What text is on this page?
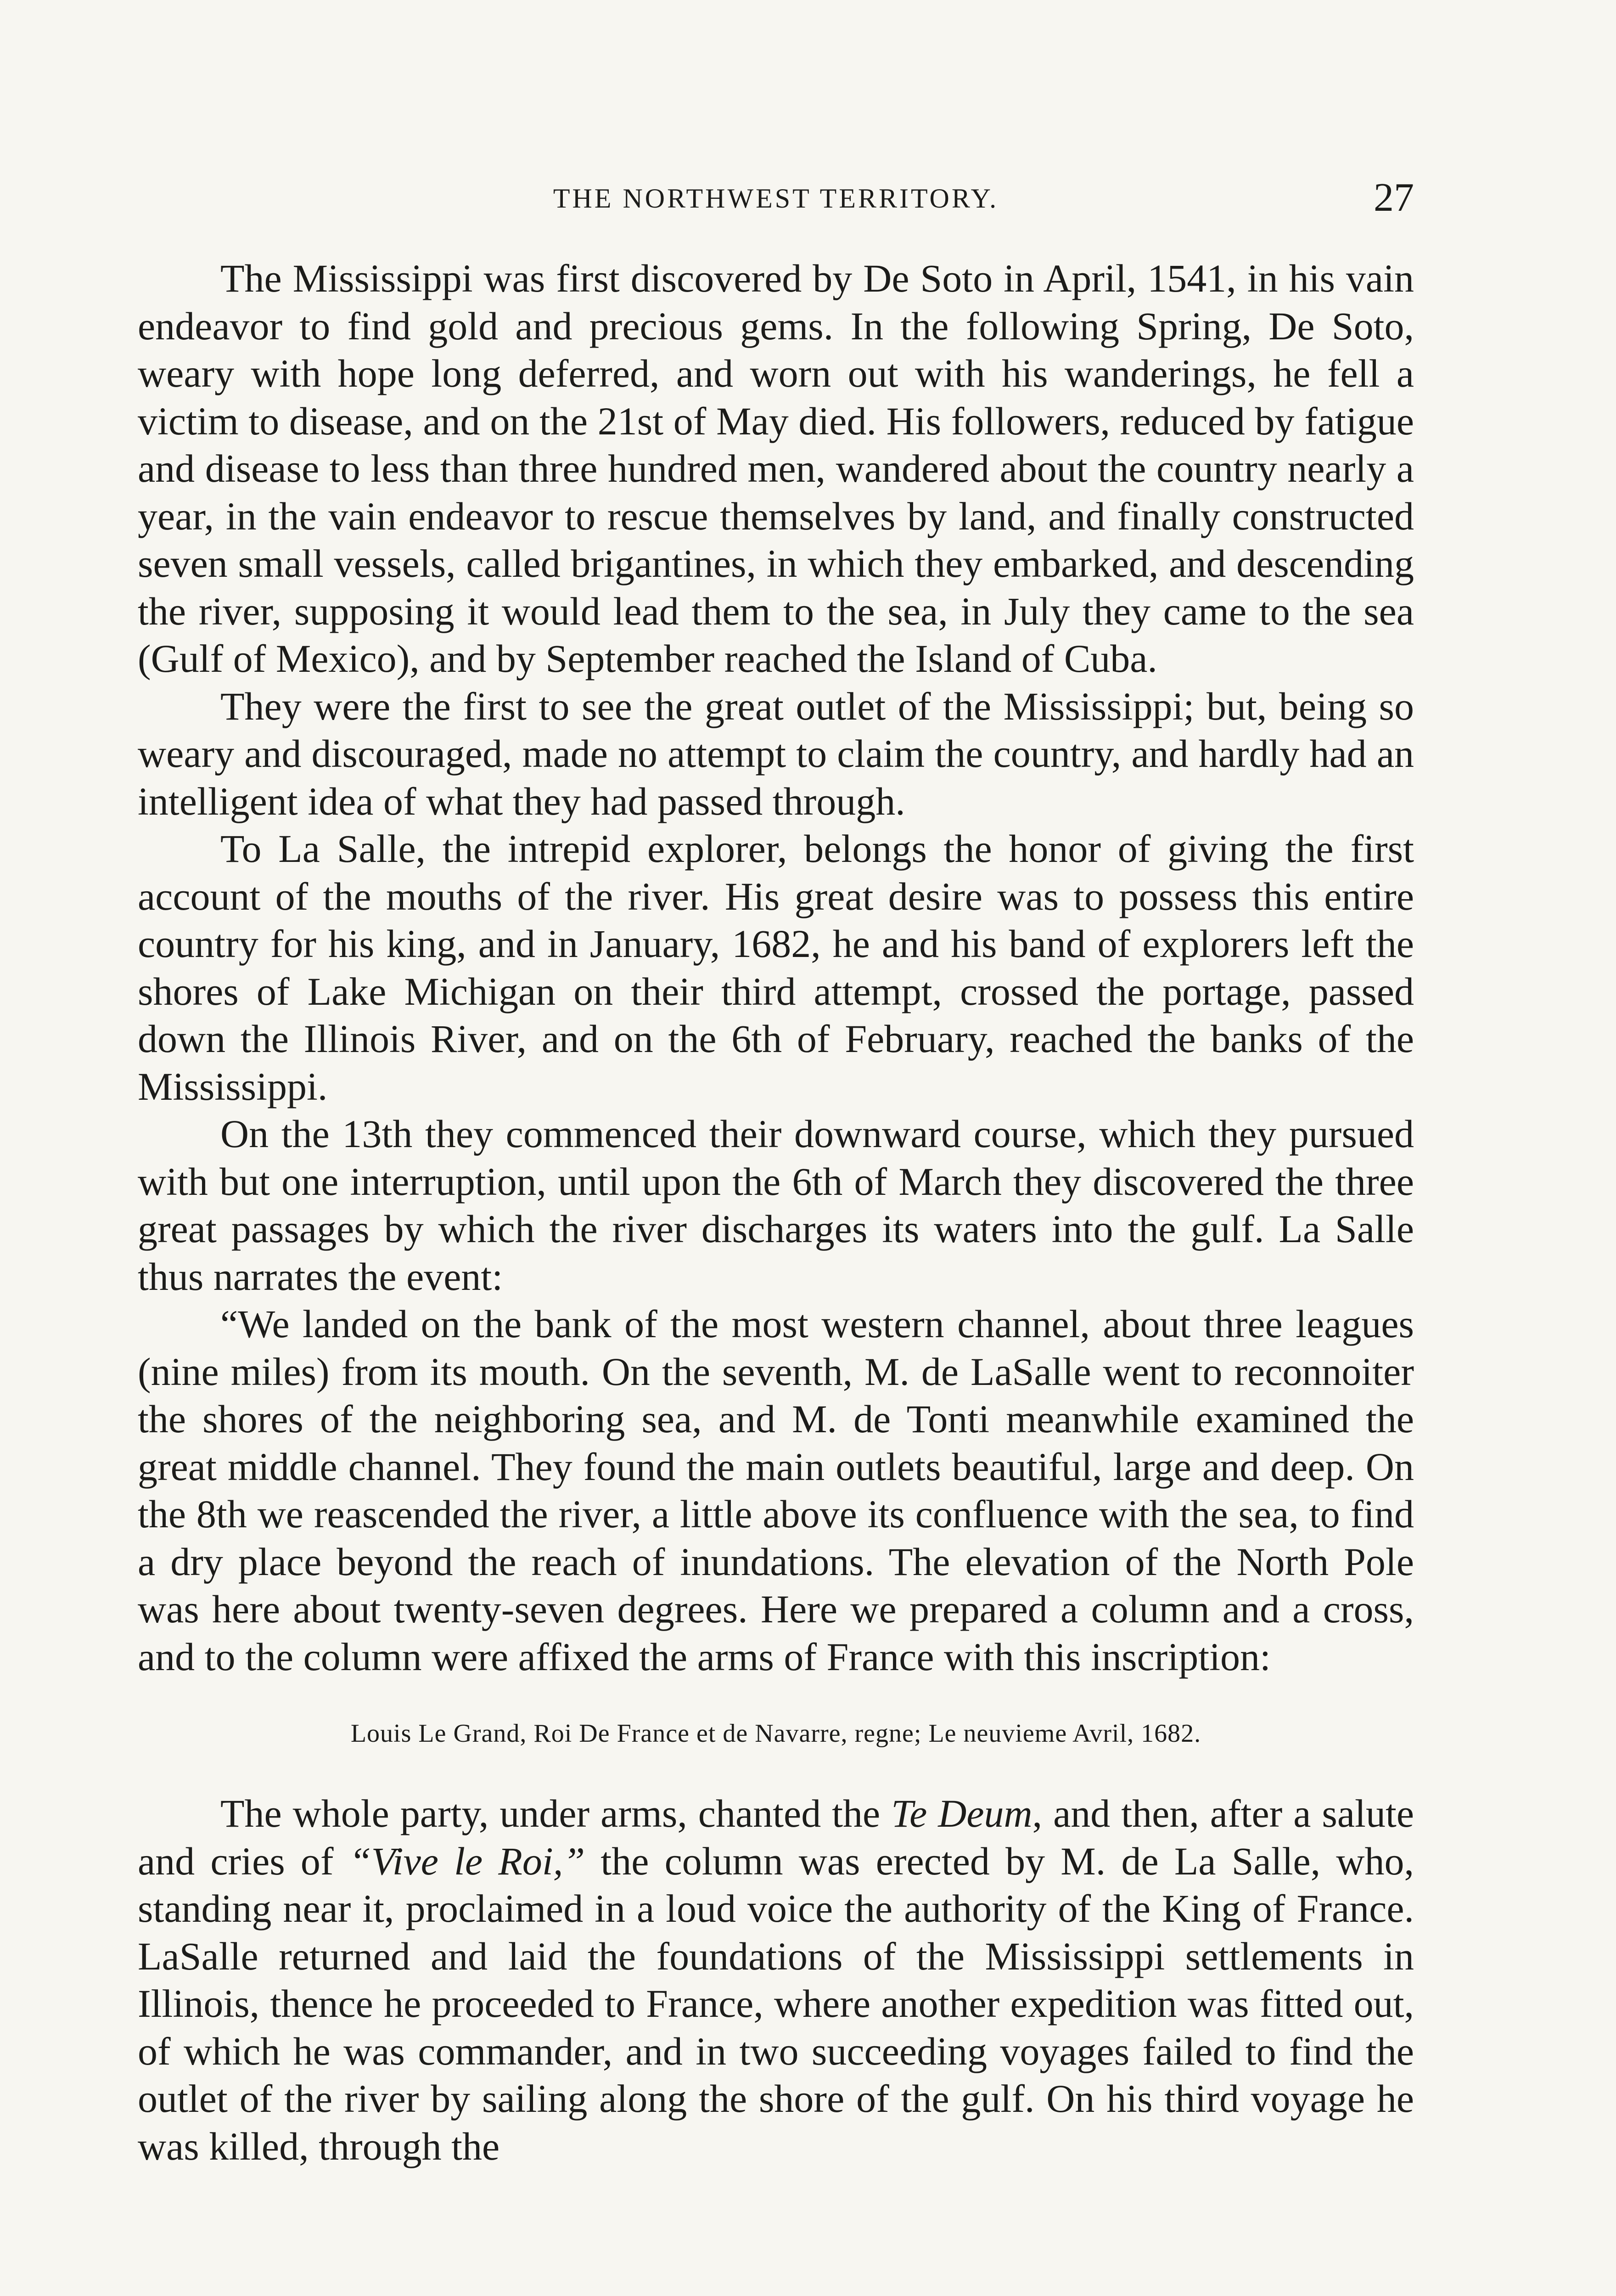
THE NORTHWEST TERRITORY.	27

The Mississippi was first discovered by De Soto in April, 1541, in his vain endeavor to find gold and precious gems. In the following Spring, De Soto, weary with hope long deferred, and worn out with his wanderings, he fell a victim to disease, and on the 21st of May died. His followers, reduced by fatigue and disease to less than three hundred men, wandered about the country nearly a year, in the vain endeavor to rescue themselves by land, and finally constructed seven small vessels, called brigantines, in which they embarked, and descending the river, supposing it would lead them to the sea, in July they came to the sea (Gulf of Mexico), and by September reached the Island of Cuba.

They were the first to see the great outlet of the Mississippi; but, being so weary and discouraged, made no attempt to claim the country, and hardly had an intelligent idea of what they had passed through.

To La Salle, the intrepid explorer, belongs the honor of giving the first account of the mouths of the river. His great desire was to possess this entire country for his king, and in January, 1682, he and his band of explorers left the shores of Lake Michigan on their third attempt, crossed the portage, passed down the Illinois River, and on the 6th of February, reached the banks of the Mississippi.

On the 13th they commenced their downward course, which they pursued with but one interruption, until upon the 6th of March they discovered the three great passages by which the river discharges its waters into the gulf. La Salle thus narrates the event:

“We landed on the bank of the most western channel, about three leagues (nine miles) from its mouth. On the seventh, M. de LaSalle went to reconnoiter the shores of the neighboring sea, and M. de Tonti meanwhile examined the great middle channel. They found the main outlets beautiful, large and deep. On the 8th we reascended the river, a little above its confluence with the sea, to find a dry place beyond the reach of inundations. The elevation of the North Pole was here about twenty-seven degrees. Here we prepared a column and a cross, and to the column were affixed the arms of France with this inscription:

Louis Le Grand, Roi De France et de Navarre, regne; Le neuvieme Avril, 1682.

The whole party, under arms, chanted the Te Deum, and then, after a salute and cries of “Vive le Roi,” the column was erected by M. de La Salle, who, standing near it, proclaimed in a loud voice the authority of the King of France. LaSalle returned and laid the foundations of the Mississippi settlements in Illinois, thence he proceeded to France, where another expedition was fitted out, of which he was commander, and in two succeeding voyages failed to find the outlet of the river by sailing along the shore of the gulf. On his third voyage he was killed, through the
